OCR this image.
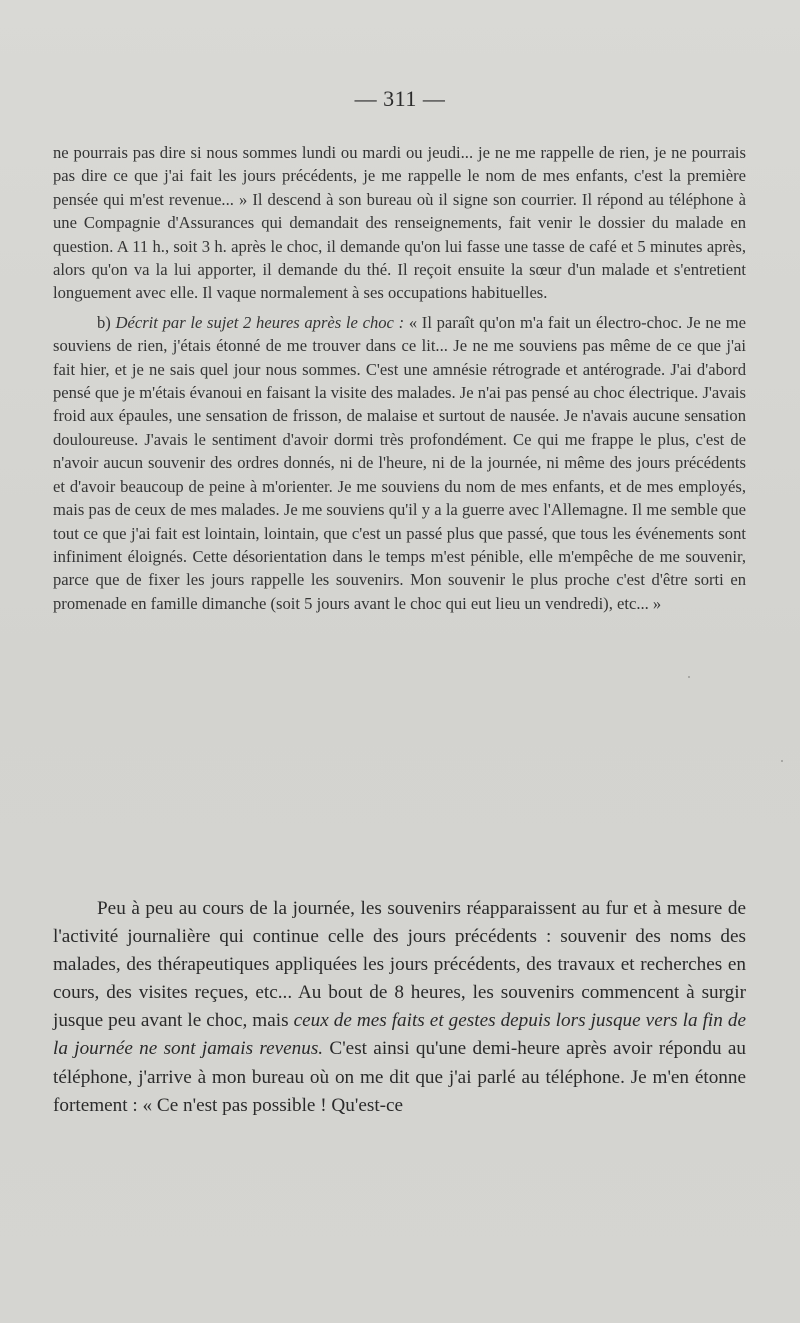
— 311 —

ne pourrais pas dire si nous sommes lundi ou mardi ou jeudi... je ne me rappelle de rien, je ne pourrais pas dire ce que j'ai fait les jours précédents, je me rappelle le nom de mes enfants, c'est la première pensée qui m'est revenue... » Il descend à son bureau où il signe son courrier. Il répond au téléphone à une Compagnie d'Assurances qui demandait des renseignements, fait venir le dossier du malade en question. A 11 h., soit 3 h. après le choc, il demande qu'on lui fasse une tasse de café et 5 minutes après, alors qu'on va la lui apporter, il demande du thé. Il reçoit ensuite la sœur d'un malade et s'entretient longuement avec elle. Il vaque normalement à ses occupations habituelles.

b) Décrit par le sujet 2 heures après le choc : « Il paraît qu'on m'a fait un électro-choc. Je ne me souviens de rien, j'étais étonné de me trouver dans ce lit... Je ne me souviens pas même de ce que j'ai fait hier, et je ne sais quel jour nous sommes. C'est une amnésie rétrograde et antérograde. J'ai d'abord pensé que je m'étais évanoui en faisant la visite des malades. Je n'ai pas pensé au choc électrique. J'avais froid aux épaules, une sensation de frisson, de malaise et surtout de nausée. Je n'avais aucune sensation douloureuse. J'avais le sentiment d'avoir dormi très profondément. Ce qui me frappe le plus, c'est de n'avoir aucun souvenir des ordres donnés, ni de l'heure, ni de la journée, ni même des jours précédents et d'avoir beaucoup de peine à m'orienter. Je me souviens du nom de mes enfants, et de mes employés, mais pas de ceux de mes malades. Je me souviens qu'il y a la guerre avec l'Allemagne. Il me semble que tout ce que j'ai fait est lointain, lointain, que c'est un passé plus que passé, que tous les événements sont infiniment éloignés. Cette désorientation dans le temps m'est pénible, elle m'empêche de me souvenir, parce que de fixer les jours rappelle les souvenirs. Mon souvenir le plus proche c'est d'être sorti en promenade en famille dimanche (soit 5 jours avant le choc qui eut lieu un vendredi), etc... »

Peu à peu au cours de la journée, les souvenirs réapparaissent au fur et à mesure de l'activité journalière qui continue celle des jours précédents : souvenir des noms des malades, des thérapeutiques appliquées les jours précédents, des travaux et recherches en cours, des visites reçues, etc... Au bout de 8 heures, les souvenirs commencent à surgir jusque peu avant le choc, mais ceux de mes faits et gestes depuis lors jusque vers la fin de la journée ne sont jamais revenus. C'est ainsi qu'une demi-heure après avoir répondu au téléphone, j'arrive à mon bureau où on me dit que j'ai parlé au téléphone. Je m'en étonne fortement : « Ce n'est pas possible ! Qu'est-ce
